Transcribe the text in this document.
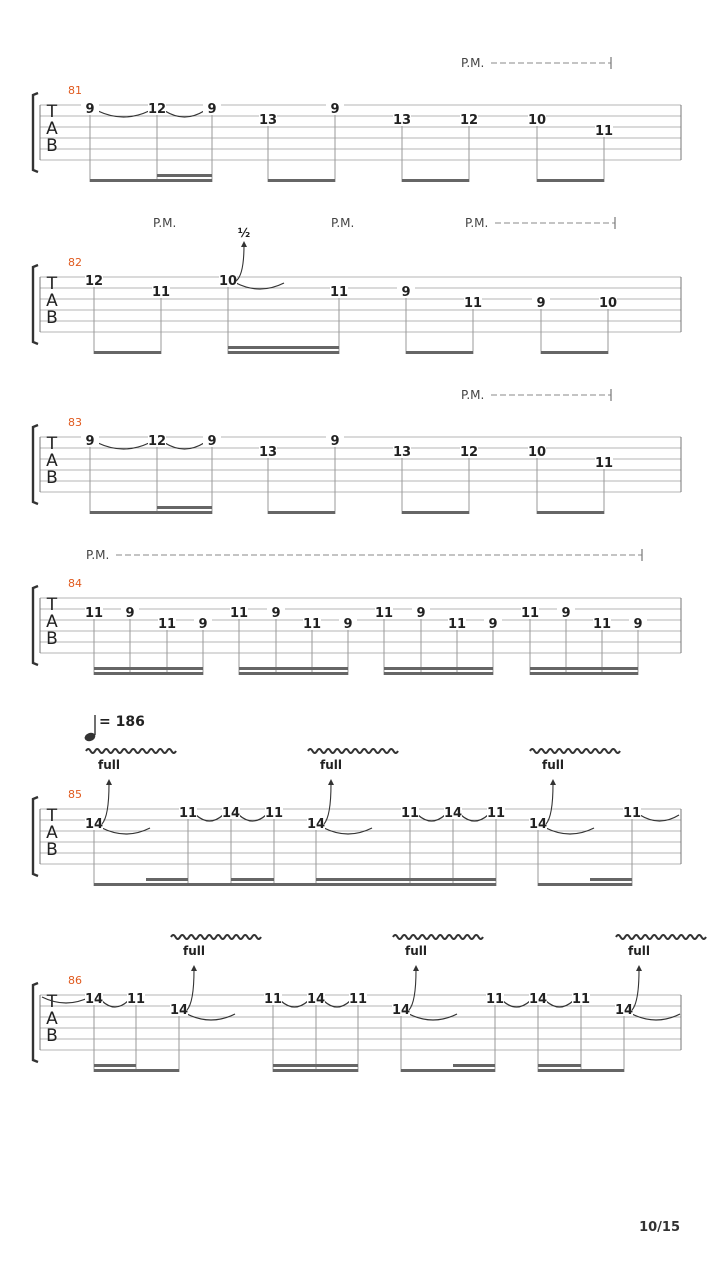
T
A
B
81
9	12	9
13
9
13	12	10
11
P.M.
T
A
B
82
12
11
10
11	9
11	9	10
P.M.	P.M.	P.M.
½
T
A
B
83
9	12	9
13
9
13	12	10
11
P.M.
T
A
B
84
11 9
11 9
11 9
11 9
11 9
11 9
11 9
11 9
P.M.
T
A
B
85
14
11 14 11
14
11 14 11
14
11
full	full	full
T
A
B
86
14 11
14
11 14 11
14
11 14 11
14
full	full	full
= 186
10/15
